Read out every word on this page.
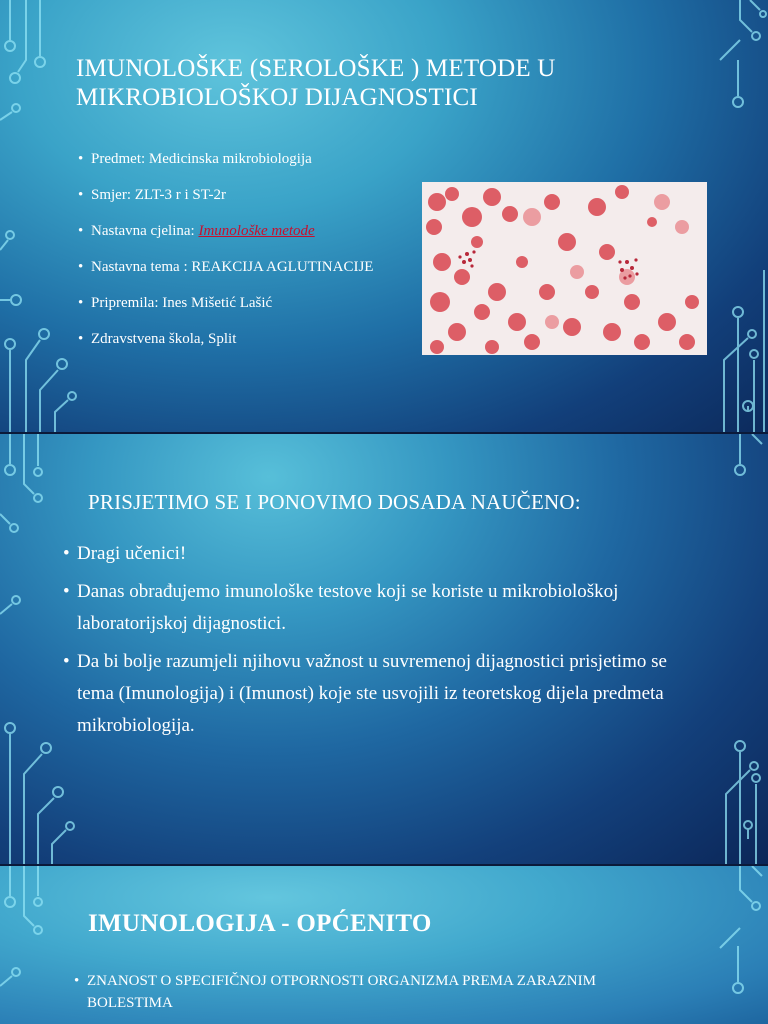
IMUNOLOŠKE (SEROLOŠKE ) METODE U MIKROBIOLOŠKOJ DIJAGNOSTICI
• Predmet: Medicinska mikrobiologija
• Smjer: ZLT-3 r i ST-2r
• Nastavna cjelina: Imunološke metode
• Nastavna tema : REAKCIJA AGLUTINACIJE
• Pripremila: Ines Mišetić Lašić
• Zdravstvena škola, Split
PRISJETIMO SE I PONOVIMO DOSADA NAUČENO:
• Dragi učenici!
• Danas obrađujemo imunološke testove koji se koriste u mikrobiološkoj laboratorijskoj dijagnostici.
• Da bi bolje razumjeli njihovu važnost u suvremenoj dijagnostici prisjetimo se tema (Imunologija) i (Imunost) koje ste usvojili iz teoretskog dijela predmeta mikrobiologija.
IMUNOLOGIJA - OPĆENITO
• ZNANOST O SPECIFIČNOJ OTPORNOSTI ORGANIZMA PREMA ZARAZNIM BOLESTIMA
